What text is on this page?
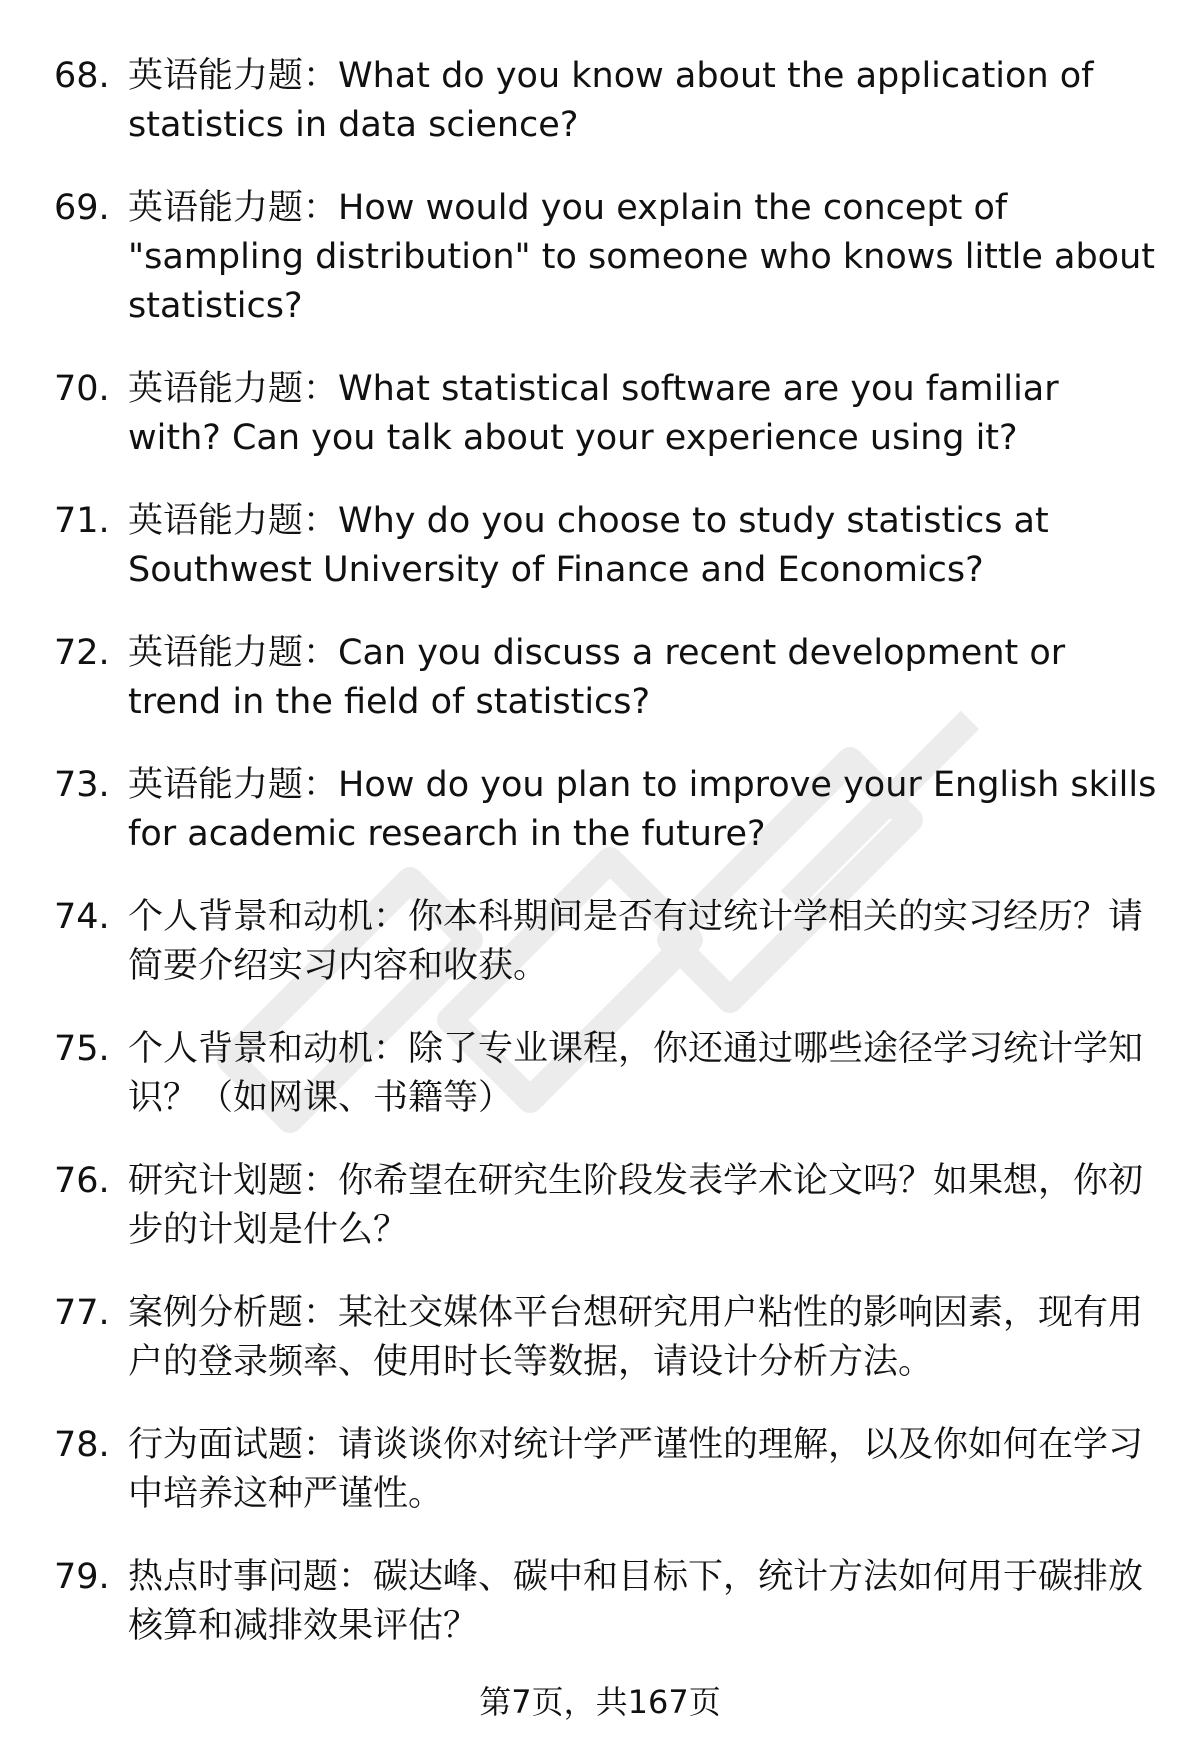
68. 英语能力题：What do you know about the application of statistics in data science?
69. 英语能力题：How would you explain the concept of "sampling distribution" to someone who knows little about statistics?
70. 英语能力题：What statistical software are you familiar with? Can you talk about your experience using it?
71. 英语能力题：Why do you choose to study statistics at Southwest University of Finance and Economics?
72. 英语能力题：Can you discuss a recent development or trend in the field of statistics?
73. 英语能力题：How do you plan to improve your English skills for academic research in the future?
74. 个人背景和动机：你本科期间是否有过统计学相关的实习经历？请简要介绍实习内容和收获。
75. 个人背景和动机：除了专业课程，你还通过哪些途径学习统计学知识？（如网课、书籍等）
76. 研究计划题：你希望在研究生阶段发表学术论文吗？如果想，你初步的计划是什么？
77. 案例分析题：某社交媒体平台想研究用户粘性的影响因素，现有用户的登录频率、使用时长等数据，请设计分析方法。
78. 行为面试题：请谈谈你对统计学严谨性的理解，以及你如何在学习中培养这种严谨性。
79. 热点时事问题：碳达峰、碳中和目标下，统计方法如何用于碳排放核算和减排效果评估？
第7页，共167页
